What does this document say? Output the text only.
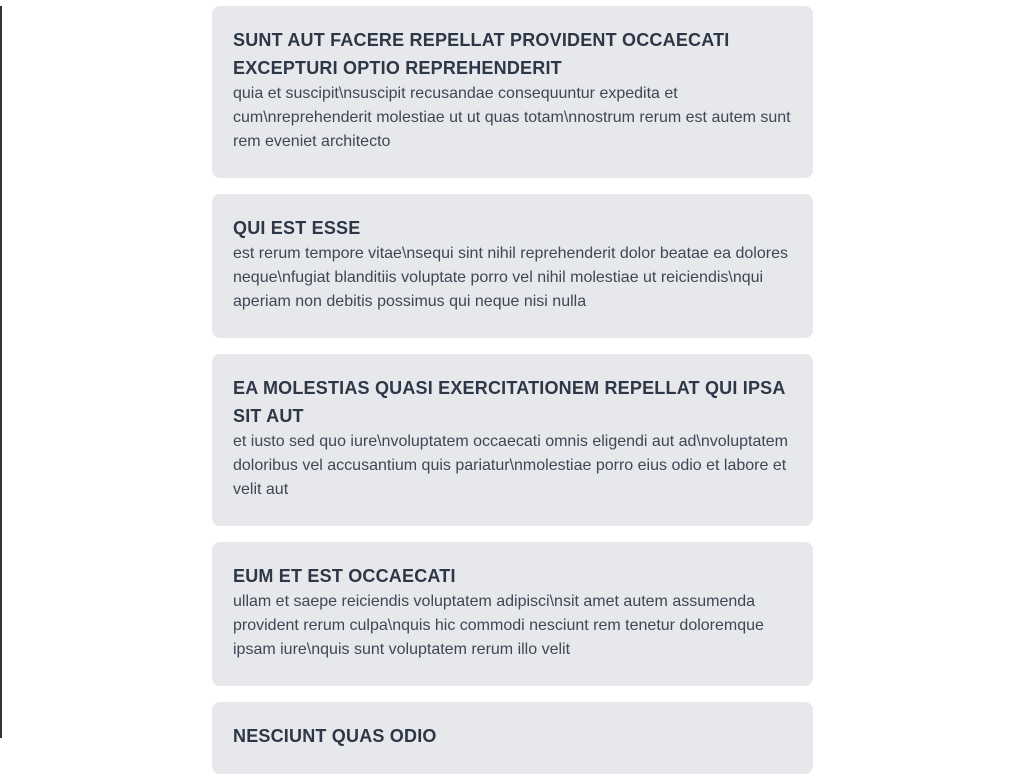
SUNT AUT FACERE REPELLAT PROVIDENT OCCAECATI EXCEPTURI OPTIO REPREHENDERIT

quia et suscipit\nsuscipit recusandae consequuntur expedita et cum\nreprehenderit molestiae ut ut quas totam\nnostrum rerum est autem sunt rem eveniet architecto

QUI EST ESSE

est rerum tempore vitae\nsequi sint nihil reprehenderit dolor beatae ea dolores neque\nfugiat blanditiis voluptate porro vel nihil molestiae ut reiciendis\nqui aperiam non debitis possimus qui neque nisi nulla

EA MOLESTIAS QUASI EXERCITATIONEM REPELLAT QUI IPSA SIT AUT

et iusto sed quo iure\nvoluptatem occaecati omnis eligendi aut ad\nvoluptatem doloribus vel accusantium quis pariatur\nmolestiae porro eius odio et labore et velit aut

EUM ET EST OCCAECATI

ullam et saepe reiciendis voluptatem adipisci\nsit amet autem assumenda provident rerum culpa\nquis hic commodi nesciunt rem tenetur doloremque ipsam iure\nquis sunt voluptatem rerum illo velit

NESCIUNT QUAS ODIO
